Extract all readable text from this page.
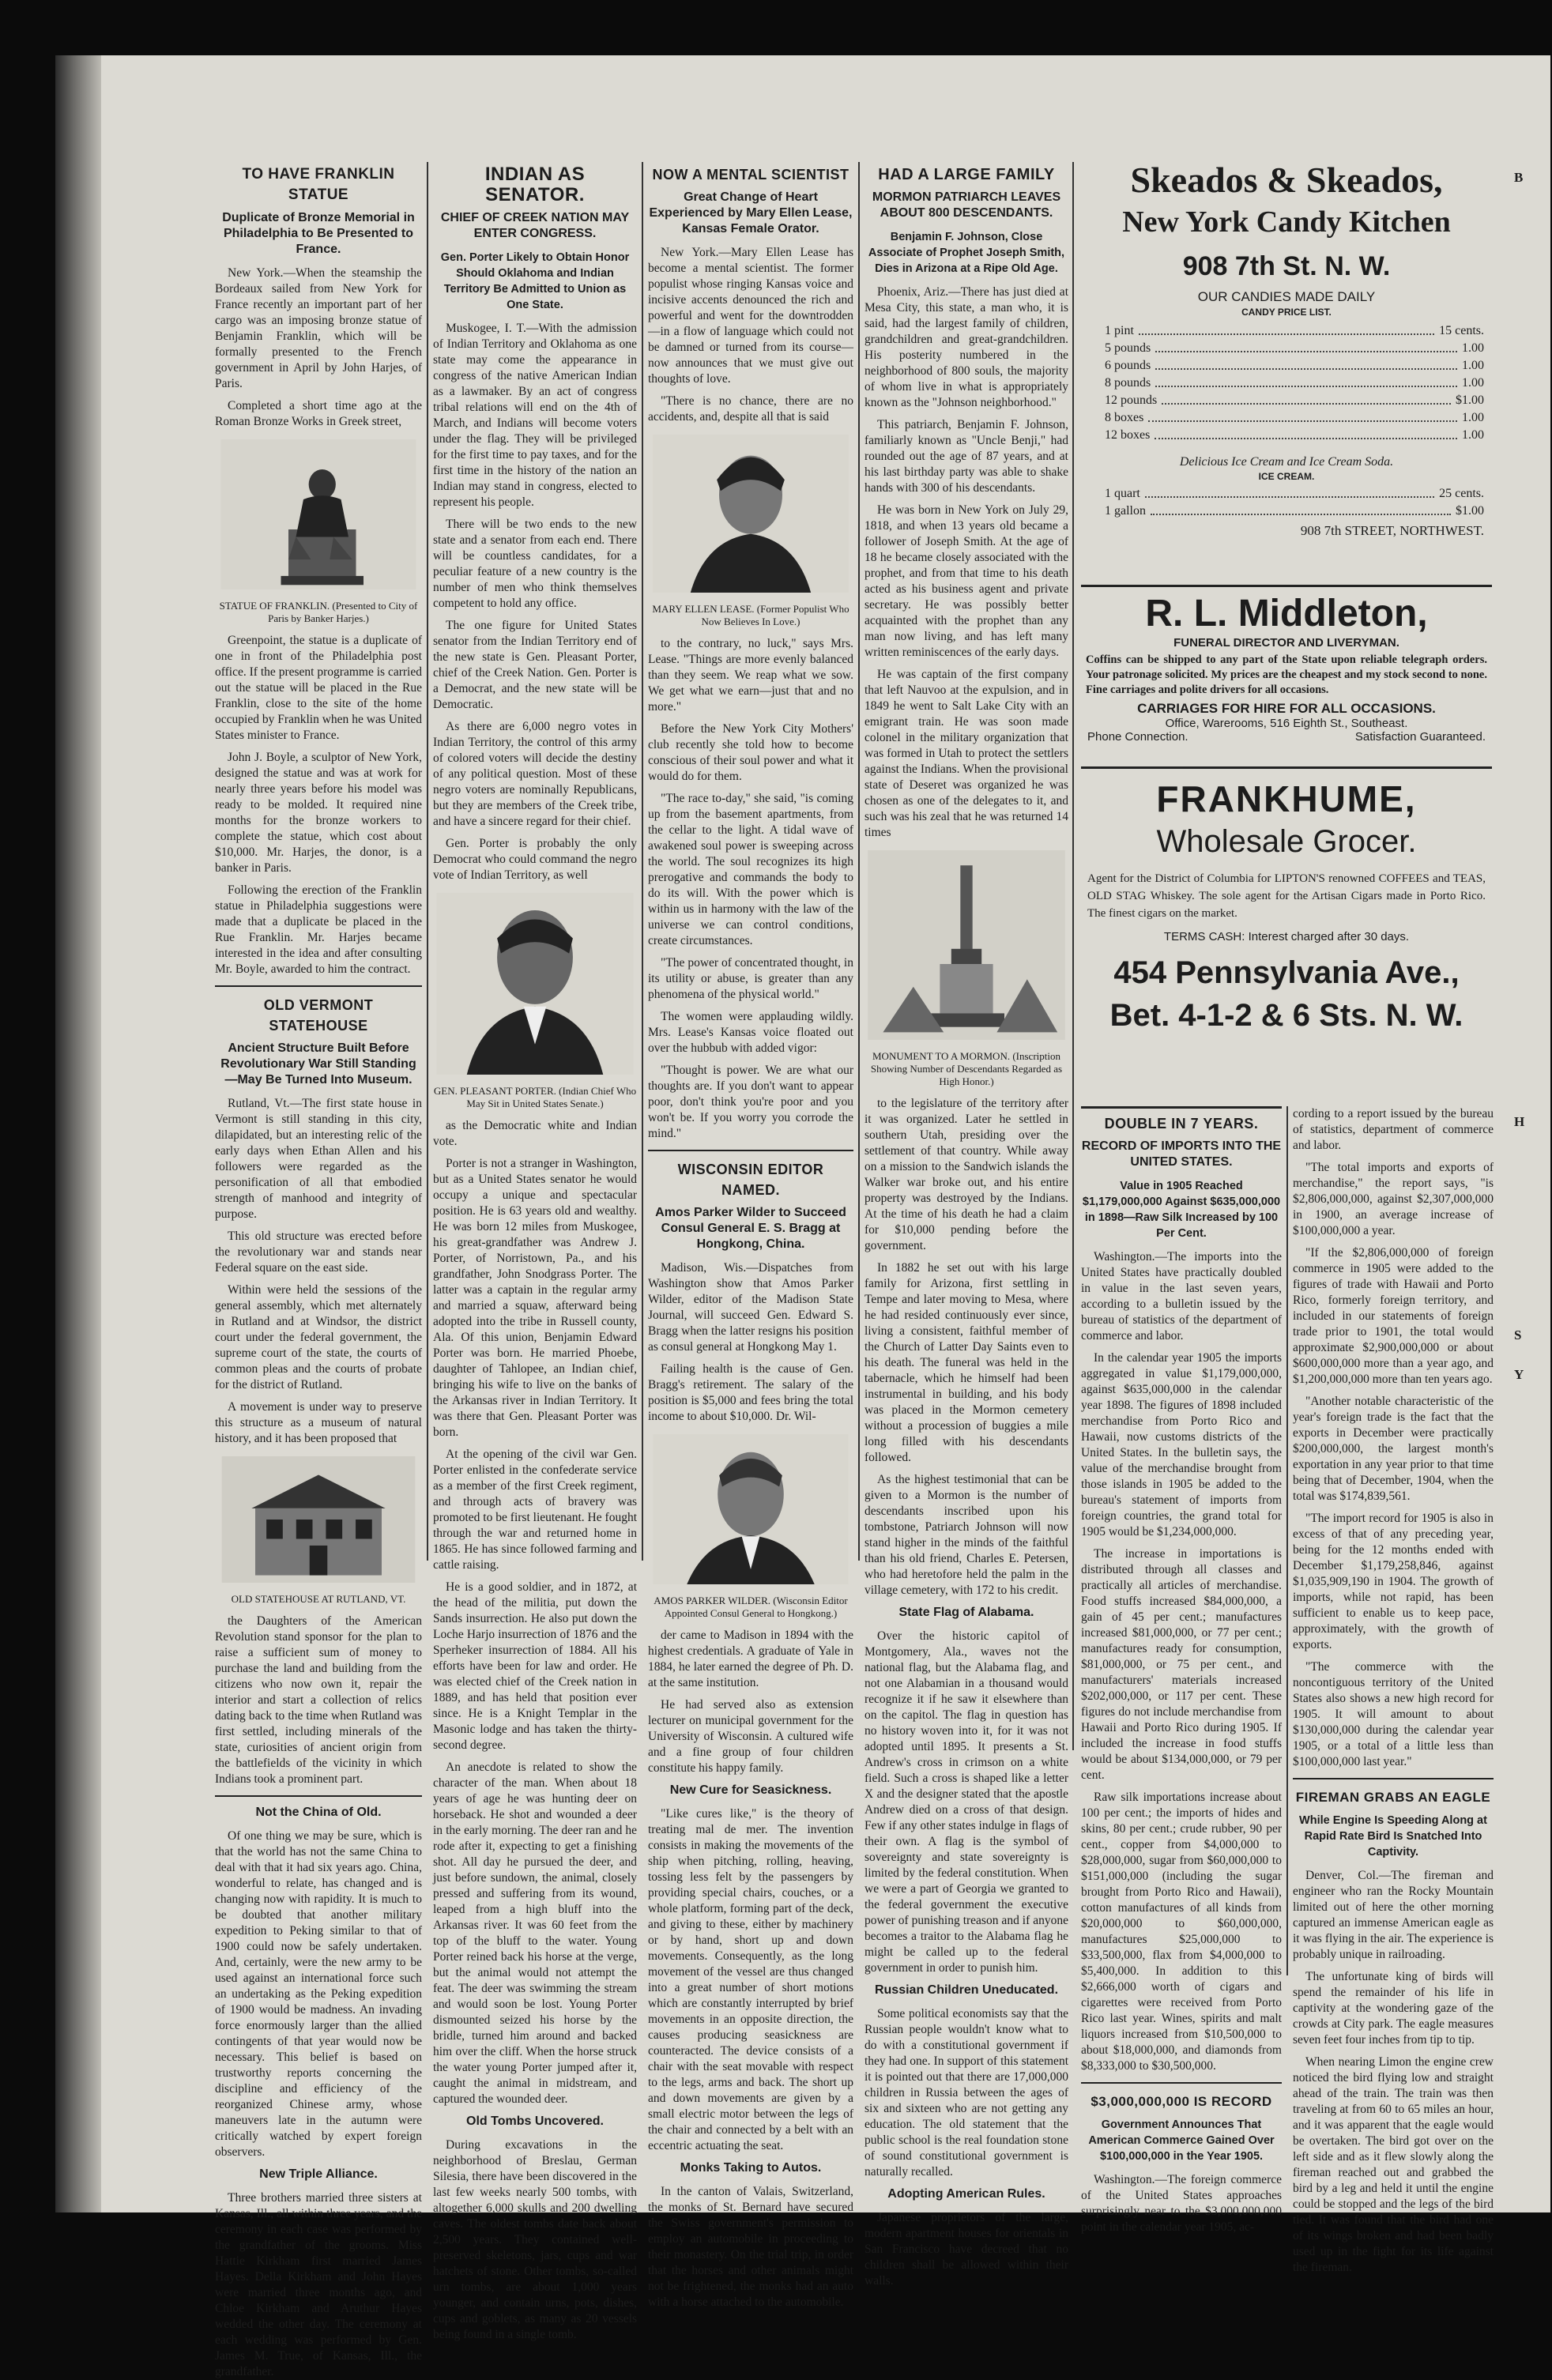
TO HAVE FRANKLIN STATUE
Duplicate of Bronze Memorial in Philadelphia to Be Presented to France.

New York.—When the steamship the Bordeaux sailed from New York for France recently an important part of her cargo was an imposing bronze statue of Benjamin Franklin, which will be formally presented to the French government in April by John Harjes, of Paris.

Completed a short time ago at the Roman Bronze Works in Greek street,

STATUE OF FRANKLIN. (Presented to City of Paris by Banker Harjes.)

Greenpoint, the statue is a duplicate of one in front of the Philadelphia post office. If the present programme is carried out the statue will be placed in the Rue Franklin, close to the site of the home occupied by Franklin when he was United States minister to France.

John J. Boyle, a sculptor of New York, designed the statue and was at work for nearly three years before his model was ready to be molded. It required nine months for the bronze workers to complete the statue, which cost about $10,000. Mr. Harjes, the donor, is a banker in Paris.

Following the erection of the Franklin statue in Philadelphia suggestions were made that a duplicate be placed in the Rue Franklin. Mr. Harjes became interested in the idea and after consulting Mr. Boyle, awarded to him the contract.

OLD VERMONT STATEHOUSE
Ancient Structure Built Before Revolutionary War Still Standing—May Be Turned Into Museum.

Rutland, Vt.—The first state house in Vermont is still standing in this city, dilapidated, but an interesting relic of the early days when Ethan Allen and his followers were regarded as the personification of all that embodied strength of manhood and integrity of purpose.

This old structure was erected before the revolutionary war and stands near Federal square on the east side.

Within were held the sessions of the general assembly, which met alternately in Rutland and at Windsor, the district court under the federal government, the supreme court of the state, the courts of common pleas and the courts of probate for the district of Rutland.

A movement is under way to preserve this structure as a museum of natural history, and it has been proposed that

OLD STATEHOUSE AT RUTLAND, VT.

the Daughters of the American Revolution stand sponsor for the plan to raise a sufficient sum of money to purchase the land and building from the citizens who now own it, repair the interior and start a collection of relics dating back to the time when Rutland was first settled, including minerals of the state, curiosities of ancient origin from the battlefields of the vicinity in which Indians took a prominent part.

Not the China of Old.

Of one thing we may be sure, which is that the world has not the same China to deal with that it had six years ago. China, wonderful to relate, has changed and is changing now with rapidity. It is much to be doubted that another military expedition to Peking similar to that of 1900 could now be safely undertaken. And, certainly, were the new army to be used against an international force such an undertaking as the Peking expedition of 1900 would be madness. An invading force enormously larger than the allied contingents of that year would now be necessary. This belief is based on trustworthy reports concerning the discipline and efficiency of the reorganized Chinese army, whose maneuvers late in the autumn were critically watched by expert foreign observers.

New Triple Alliance.

Three brothers married three sisters at Kansas, Ill., all within three years, and the ceremony in each case was performed by the grandfather of the grooms. Miss Hattie Kirkham first married James Hayes. Della Kirkham and John Hayes were married three months ago, and Chloe Kirkham and Aruthur Hayes wedded the other day. The ceremony at each wedding was performed by Gen. James M. True, of Kansas, Ill., the grandfather.

INDIAN AS SENATOR.
CHIEF OF CREEK NATION MAY ENTER CONGRESS.
Gen. Porter Likely to Obtain Honor Should Oklahoma and Indian Territory Be Admitted to Union as One State.

Muskogee, I. T.—With the admission of Indian Territory and Oklahoma as one state may come the appearance in congress of the native American Indian as a lawmaker. By an act of congress tribal relations will end on the 4th of March, and Indians will become voters under the flag. They will be privileged for the first time to pay taxes, and for the first time in the history of the nation an Indian may stand in congress, elected to represent his people.

There will be two ends to the new state and a senator from each end. There will be countless candidates, for a peculiar feature of a new country is the number of men who think themselves competent to hold any office.

The one figure for United States senator from the Indian Territory end of the new state is Gen. Pleasant Porter, chief of the Creek Nation. Gen. Porter is a Democrat, and the new state will be Democratic.

As there are 6,000 negro votes in Indian Territory, the control of this army of colored voters will decide the destiny of any political question. Most of these negro voters are nominally Republicans, but they are members of the Creek tribe, and have a sincere regard for their chief.

Gen. Porter is probably the only Democrat who could command the negro vote of Indian Territory, as well

GEN. PLEASANT PORTER. (Indian Chief Who May Sit in United States Senate.)

as the Democratic white and Indian vote.

Porter is not a stranger in Washington, but as a United States senator he would occupy a unique and spectacular position. He is 63 years old and wealthy. He was born 12 miles from Muskogee, his great-grandfather was Andrew J. Porter, of Norristown, Pa., and his grandfather, John Snodgrass Porter. The latter was a captain in the regular army and married a squaw, afterward being adopted into the tribe in Russell county, Ala. Of this union, Benjamin Edward Porter was born. He married Phoebe, daughter of Tahlopee, an Indian chief, bringing his wife to live on the banks of the Arkansas river in Indian Territory. It was there that Gen. Pleasant Porter was born.

At the opening of the civil war Gen. Porter enlisted in the confederate service as a member of the first Creek regiment, and through acts of bravery was promoted to be first lieutenant. He fought through the war and returned home in 1865. He has since followed farming and cattle raising.

He is a good soldier, and in 1872, at the head of the militia, put down the Sands insurrection. He also put down the Loche Harjo insurrection of 1876 and the Sperheker insurrection of 1884. All his efforts have been for law and order. He was elected chief of the Creek nation in 1889, and has held that position ever since. He is a Knight Templar in the Masonic lodge and has taken the thirty-second degree.

An anecdote is related to show the character of the man. When about 18 years of age he was hunting deer on horseback. He shot and wounded a deer in the early morning. The deer ran and he rode after it, expecting to get a finishing shot. All day he pursued the deer, and just before sundown, the animal, closely pressed and suffering from its wound, leaped from a high bluff into the Arkansas river. It was 60 feet from the top of the bluff to the water. Young Porter reined back his horse at the verge, but the animal would not attempt the feat. The deer was swimming the stream and would soon be lost. Young Porter dismounted seized his horse by the bridle, turned him around and backed him over the cliff. When the horse struck the water young Porter jumped after it, caught the animal in midstream, and captured the wounded deer.

Old Tombs Uncovered.

During excavations in the neighborhood of Breslau, German Silesia, there have been discovered in the last few weeks nearly 500 tombs, with altogether 6,000 skulls and 200 dwelling caves. The oldest tombs date back about 2,500 years. They contained well-preserved skeletons, jars, cups and war hatchets of stone. Other tombs, so-called urn tombs, are about 1,000 years younger, and contain urns, pots, dishes, cups and goblets, as many as 20 vessels being found in a single tomb.

NOW A MENTAL SCIENTIST
Great Change of Heart Experienced by Mary Ellen Lease, Kansas Female Orator.

New York.—Mary Ellen Lease has become a mental scientist. The former populist whose ringing Kansas voice and incisive accents denounced the rich and powerful and went for the downtrodden—in a flow of language which could not be damned or turned from its course—now announces that we must give out thoughts of love.

"There is no chance, there are no accidents, and, despite all that is said

MARY ELLEN LEASE. (Former Populist Who Now Believes In Love.)

to the contrary, no luck," says Mrs. Lease. "Things are more evenly balanced than they seem. We reap what we sow. We get what we earn—just that and no more."

Before the New York City Mothers' club recently she told how to become conscious of their soul power and what it would do for them.

"The race to-day," she said, "is coming up from the basement apartments, from the cellar to the light. A tidal wave of awakened soul power is sweeping across the world. The soul recognizes its high prerogative and commands the body to do its will. With the power which is within us in harmony with the law of the universe we can control conditions, create circumstances.

"The power of concentrated thought, in its utility or abuse, is greater than any phenomena of the physical world."

The women were applauding wildly. Mrs. Lease's Kansas voice floated out over the hubbub with added vigor:

"Thought is power. We are what our thoughts are. If you don't want to appear poor, don't think you're poor and you won't be. If you worry you corrode the mind."

WISCONSIN EDITOR NAMED.
Amos Parker Wilder to Succeed Consul General E. S. Bragg at Hongkong, China.

Madison, Wis.—Dispatches from Washington show that Amos Parker Wilder, editor of the Madison State Journal, will succeed Gen. Edward S. Bragg when the latter resigns his position as consul general at Hongkong May 1.

Failing health is the cause of Gen. Bragg's retirement. The salary of the position is $5,000 and fees bring the total income to about $10,000. Dr. Wil-

AMOS PARKER WILDER. (Wisconsin Editor Appointed Consul General to Hongkong.)

der came to Madison in 1894 with the highest credentials. A graduate of Yale in 1884, he later earned the degree of Ph. D. at the same institution.

He had served also as extension lecturer on municipal government for the University of Wisconsin. A cultured wife and a fine group of four children constitute his happy family.

New Cure for Seasickness.

"Like cures like," is the theory of treating mal de mer. The invention consists in making the movements of the ship when pitching, rolling, heaving, tossing less felt by the passengers by providing special chairs, couches, or a whole platform, forming part of the deck, and giving to these, either by machinery or by hand, short up and down movements. Consequently, as the long movement of the vessel are thus changed into a great number of short motions which are constantly interrupted by brief movements in an opposite direction, the causes producing seasickness are counteracted. The device consists of a chair with the seat movable with respect to the legs, arms and back. The short up and down movements are given by a small electric motor between the legs of the chair and connected by a belt with an eccentric actuating the seat.

Monks Taking to Autos.

In the canton of Valais, Switzerland, the monks of St. Bernard have secured the Swiss government's permission to employ an automobile in proceeding to their monastery. On the trial trip, in order that the horses and other animals might not be frightened, the monks had an auto with a horse attached to the automobile.

HAD A LARGE FAMILY
MORMON PATRIARCH LEAVES ABOUT 800 DESCENDANTS.
Benjamin F. Johnson, Close Associate of Prophet Joseph Smith, Dies in Arizona at a Ripe Old Age.

Phoenix, Ariz.—There has just died at Mesa City, this state, a man who, it is said, had the largest family of children, grandchildren and great-grandchildren. His posterity numbered in the neighborhood of 800 souls, the majority of whom live in what is appropriately known as the "Johnson neighborhood."

This patriarch, Benjamin F. Johnson, familiarly known as "Uncle Benji," had rounded out the age of 87 years, and at his last birthday party was able to shake hands with 300 of his descendants.

He was born in New York on July 29, 1818, and when 13 years old became a follower of Joseph Smith. At the age of 18 he became closely associated with the prophet, and from that time to his death acted as his business agent and private secretary. He was possibly better acquainted with the prophet than any man now living, and has left many written reminiscences of the early days.

He was captain of the first company that left Nauvoo at the expulsion, and in 1849 he went to Salt Lake City with an emigrant train. He was soon made colonel in the military organization that was formed in Utah to protect the settlers against the Indians. When the provisional state of Deseret was organized he was chosen as one of the delegates to it, and such was his zeal that he was returned 14 times

MONUMENT TO A MORMON. (Inscription Showing Number of Descendants Regarded as High Honor.)

to the legislature of the territory after it was organized. Later he settled in southern Utah, presiding over the settlement of that country. While away on a mission to the Sandwich islands the Walker war broke out, and his entire property was destroyed by the Indians. At the time of his death he had a claim for $10,000 pending before the government.

In 1882 he set out with his large family for Arizona, first settling in Tempe and later moving to Mesa, where he had resided continuously ever since, living a consistent, faithful member of the Church of Latter Day Saints even to his death. The funeral was held in the tabernacle, which he himself had been instrumental in building, and his body was placed in the Mormon cemetery without a procession of buggies a mile long filled with his descendants followed.

As the highest testimonial that can be given to a Mormon is the number of descendants inscribed upon his tombstone, Patriarch Johnson will now stand higher in the minds of the faithful than his old friend, Charles E. Petersen, who had heretofore held the palm in the village cemetery, with 172 to his credit.

State Flag of Alabama.

Over the historic capitol of Montgomery, Ala., waves not the national flag, but the Alabama flag, and not one Alabamian in a thousand would recognize it if he saw it elsewhere than on the capitol. The flag in question has no history woven into it, for it was not adopted until 1895. It presents a St. Andrew's cross in crimson on a white field. Such a cross is shaped like a letter X and the designer stated that the apostle Andrew died on a cross of that design. Few if any other states indulge in flags of their own. A flag is the symbol of sovereignty and state sovereignty is limited by the federal constitution. When we were a part of Georgia we granted to the federal government the executive power of punishing treason and if anyone becomes a traitor to the Alabama flag he might be called up to the federal government in order to punish him.

Russian Children Uneducated.

Some political economists say that the Russian people wouldn't know what to do with a constitutional government if they had one. In support of this statement it is pointed out that there are 17,000,000 children in Russia between the ages of six and sixteen who are not getting any education. The old statement that the public school is the real foundation stone of sound constitutional government is naturally recalled.

Adopting American Rules.

Japanese proprietors of the large, modern apartment houses for orientals in San Francisco have decreed that no children shall be allowed within their walls.

Skeados & Skeados,
New York Candy Kitchen
908 7th St. N. W.
OUR CANDIES MADE DAILY
CANDY PRICE LIST.
1 pint	15 cents.
5 pounds	1.00
6 pounds	1.00
8 pounds	1.00
12 pounds	$1.00
8 boxes	1.00
12 boxes	1.00
Delicious Ice Cream and Ice Cream Soda.
ICE CREAM.
1 quart	25 cents.
1 gallon	$1.00
908 7th STREET, NORTHWEST.
R. L. Middleton,
FUNERAL DIRECTOR AND LIVERYMAN.
Coffins can be shipped to any part of the State upon reliable telegraph orders. Your patronage solicited. My prices are the cheapest and my stock second to none. Fine carriages and polite drivers for all occasions.
CARRIAGES FOR HIRE FOR ALL OCCASIONS.
Office, Warerooms, 516 Eighth St., Southeast.
Phone Connection.	Satisfaction Guaranteed.
FRANKHUME,
Wholesale Grocer.
Agent for the District of Columbia for LIPTON'S renowned COFFEES and TEAS, OLD STAG Whiskey. The sole agent for the Artisan Cigars made in Porto Rico. The finest cigars on the market.
TERMS CASH: Interest charged after 30 days.
454 Pennsylvania Ave.,
Bet. 4-1-2 & 6 Sts. N. W.
DOUBLE IN 7 YEARS.
RECORD OF IMPORTS INTO THE UNITED STATES.
Value in 1905 Reached $1,179,000,000 Against $635,000,000 in 1898—Raw Silk Increased by 100 Per Cent.

Washington.—The imports into the United States have practically doubled in value in the last seven years, according to a bulletin issued by the bureau of statistics of the department of commerce and labor.

In the calendar year 1905 the imports aggregated in value $1,179,000,000, against $635,000,000 in the calendar year 1898. The figures of 1898 included merchandise from Porto Rico and Hawaii, now customs districts of the United States. In the bulletin says, the value of the merchandise brought from those islands in 1905 be added to the bureau's statement of imports from foreign countries, the grand total for 1905 would be $1,234,000,000.

The increase in importations is distributed through all classes and practically all articles of merchandise. Food stuffs increased $84,000,000, a gain of 45 per cent.; manufactures increased $81,000,000, or 77 per cent.; manufactures ready for consumption, $81,000,000, or 75 per cent., and manufacturers' materials increased $202,000,000, or 117 per cent. These figures do not include merchandise from Hawaii and Porto Rico during 1905. If included the increase in food stuffs would be about $134,000,000, or 79 per cent.

Raw silk importations increase about 100 per cent.; the imports of hides and skins, 80 per cent.; crude rubber, 90 per cent., copper from $4,000,000 to $28,000,000, sugar from $60,000,000 to $151,000,000 (including the sugar brought from Porto Rico and Hawaii), cotton manufactures of all kinds from $20,000,000 to $60,000,000, manufactures $25,000,000 to $33,500,000, flax from $4,000,000 to $5,400,000. In addition to this $2,666,000 worth of cigars and cigarettes were received from Porto Rico last year. Wines, spirits and malt liquors increased from $10,500,000 to about $18,000,000, and diamonds from $8,333,000 to $30,500,000.

$3,000,000,000 IS RECORD
Government Announces That American Commerce Gained Over $100,000,000 in the Year 1905.

Washington.—The foreign commerce of the United States approaches surprisingly near to the $3,000,000,000 point in the calendar year 1905, ac-

cording to a report issued by the bureau of statistics, department of commerce and labor.

"The total imports and exports of merchandise," the report says, "is $2,806,000,000, against $2,307,000,000 in 1900, an average increase of $100,000,000 a year.

"If the $2,806,000,000 of foreign commerce in 1905 were added to the figures of trade with Hawaii and Porto Rico, formerly foreign territory, and included in our statements of foreign trade prior to 1901, the total would approximate $2,900,000,000 or about $600,000,000 more than a year ago, and $1,200,000,000 more than ten years ago.

"Another notable characteristic of the year's foreign trade is the fact that the exports in December were practically $200,000,000, the largest month's exportation in any year prior to that time being that of December, 1904, when the total was $174,839,561.

"The import record for 1905 is also in excess of that of any preceding year, being for the 12 months ended with December $1,179,258,846, against $1,035,909,190 in 1904. The growth of imports, while not rapid, has been sufficient to enable us to keep pace, approximately, with the growth of exports.

"The commerce with the noncontiguous territory of the United States also shows a new high record for 1905. It will amount to about $130,000,000 during the calendar year 1905, or a total of a little less than $100,000,000 last year."

FIREMAN GRABS AN EAGLE
While Engine Is Speeding Along at Rapid Rate Bird Is Snatched Into Captivity.

Denver, Col.—The fireman and engineer who ran the Rocky Mountain limited out of here the other morning captured an immense American eagle as it was flying in the air. The experience is probably unique in railroading.

The unfortunate king of birds will spend the remainder of his life in captivity at the wondering gaze of the crowds at City park. The eagle measures seven feet four inches from tip to tip.

When nearing Limon the engine crew noticed the bird flying low and straight ahead of the train. The train was then traveling at from 60 to 65 miles an hour, and it was apparent that the eagle would be overtaken. The bird got over on the left side and as it flew slowly along the fireman reached out and grabbed the bird by a leg and held it until the engine could be stopped and the legs of the bird tied. It was found that the bird had one of its wings broken and had been badly used up in the fight for its life against the fireman.

B
H
S
Y
